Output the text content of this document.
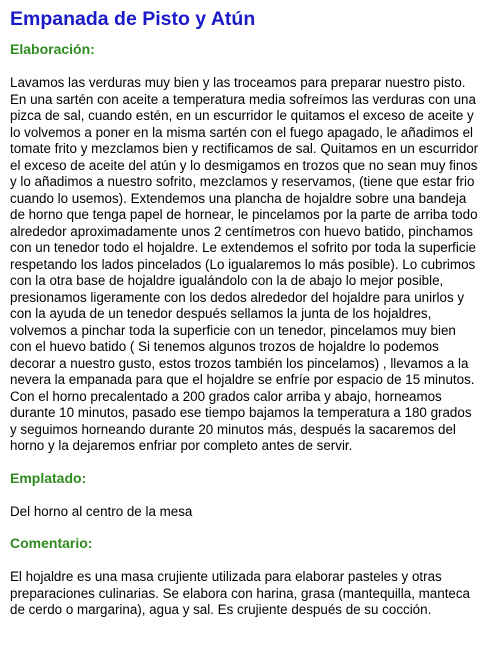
Empanada de Pisto y Atún
Elaboración:

Lavamos las verduras muy bien y las troceamos para preparar nuestro pisto. En una sartén con aceite a temperatura media sofreímos las verduras con una pizca de sal, cuando estén, en un escurridor le quitamos el exceso de aceite y lo volvemos a poner en la misma sartén con el fuego apagado, le añadimos el tomate frito y mezclamos bien y rectificamos de sal. Quitamos en un escurridor el exceso de aceite del atún y lo desmigamos en trozos que no sean muy finos y lo añadimos a nuestro sofrito, mezclamos y reservamos, (tiene que estar frio cuando lo usemos). Extendemos una plancha de hojaldre sobre una bandeja de horno que tenga papel de hornear, le pincelamos por la parte de arriba todo alrededor aproximadamente unos 2 centímetros con huevo batido, pinchamos con un tenedor todo el hojaldre. Le extendemos el sofrito por toda la superficie respetando los lados pincelados (Lo igualaremos lo más posible). Lo cubrimos con la otra base de hojaldre igualándolo con la de abajo lo mejor posible, presionamos ligeramente con los dedos alrededor del hojaldre para unirlos y con la ayuda de un tenedor después sellamos la junta de los hojaldres, volvemos a pinchar toda la superficie con un tenedor, pincelamos muy bien con el huevo batido ( Si tenemos algunos trozos de hojaldre lo podemos decorar a nuestro gusto, estos trozos también los pincelamos) , llevamos a la nevera la empanada para que el hojaldre se enfríe por espacio de 15 minutos.

Con el horno precalentado a 200 grados calor arriba y abajo, horneamos durante 10 minutos, pasado ese tiempo bajamos la temperatura a 180 grados y seguimos horneando durante 20 minutos más, después la sacaremos del horno y la dejaremos enfriar por completo antes de servir.

Emplatado:

Del horno al centro de la mesa

Comentario:

El hojaldre es una masa crujiente utilizada para elaborar pasteles y otras preparaciones culinarias. Se elabora con harina, grasa (mantequilla, manteca de cerdo o margarina), agua y sal. Es crujiente después de su cocción.
